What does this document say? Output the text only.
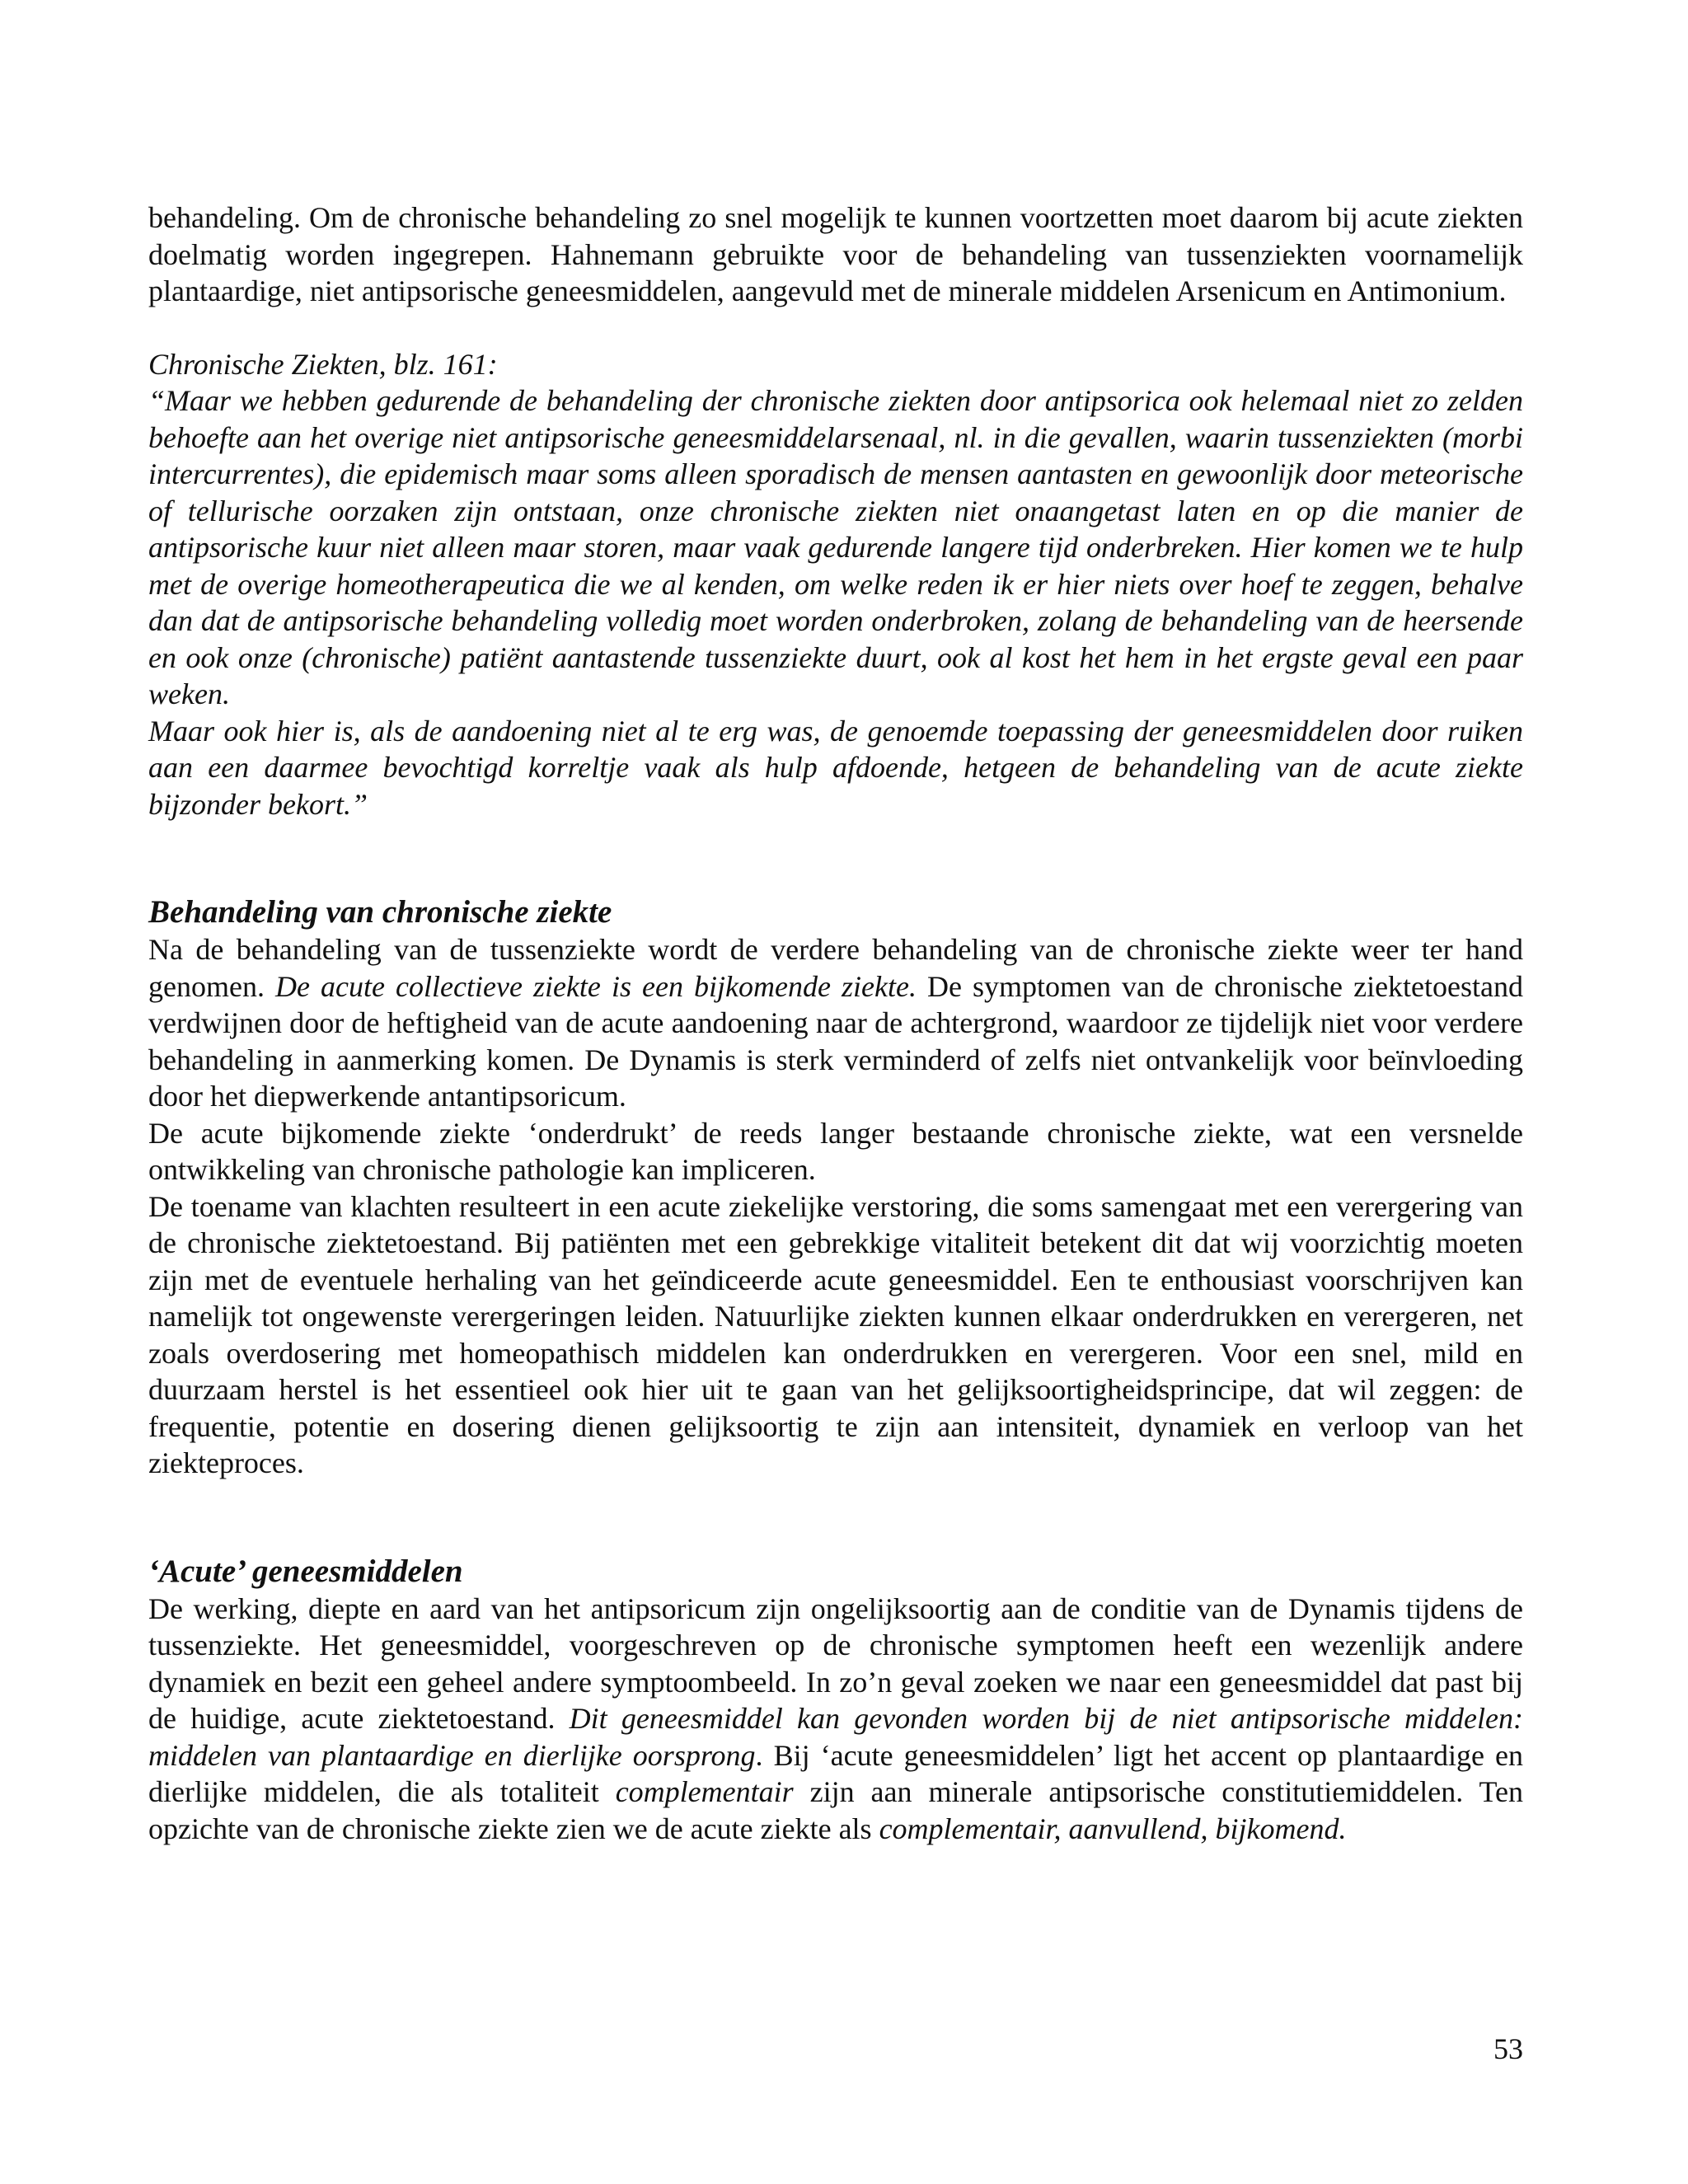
behandeling. Om de chronische behandeling zo snel mogelijk te kunnen voortzetten moet daarom bij acute ziekten doelmatig worden ingegrepen. Hahnemann gebruikte voor de behandeling van tussenziekten voornamelijk plantaardige, niet antipsorische geneesmiddelen, aangevuld met de minerale middelen Arsenicum en Antimonium.

Chronische Ziekten, blz. 161:

“Maar we hebben gedurende de behandeling der chronische ziekten door antipsorica ook helemaal niet zo zelden behoefte aan het overige niet antipsorische geneesmiddelarsenaal, nl. in die gevallen, waarin tussenziekten (morbi intercurrentes), die epidemisch maar soms alleen sporadisch de mensen aantasten en gewoonlijk door meteorische of tellurische oorzaken zijn ontstaan, onze chronische ziekten niet onaangetast laten en op die manier de antipsorische kuur niet alleen maar storen, maar vaak gedurende langere tijd onderbreken. Hier komen we te hulp met de overige homeotherapeutica die we al kenden, om welke reden ik er hier niets over hoef te zeggen, behalve dan dat de antipsorische behandeling volledig moet worden onderbroken, zolang de behandeling van de heersende en ook onze (chronische) patiënt aantastende tussenziekte duurt, ook al kost het hem in het ergste geval een paar weken.

Maar ook hier is, als de aandoening niet al te erg was, de genoemde toepassing der geneesmiddelen door ruiken aan een daarmee bevochtigd korreltje vaak als hulp afdoende, hetgeen de behandeling van de acute ziekte bijzonder bekort.”

Behandeling van chronische ziekte

Na de behandeling van de tussenziekte wordt de verdere behandeling van de chronische ziekte weer ter hand genomen. De acute collectieve ziekte is een bijkomende ziekte. De symptomen van de chronische ziektetoestand verdwijnen door de heftigheid van de acute aandoening naar de achtergrond, waardoor ze tijdelijk niet voor verdere behandeling in aanmerking komen. De Dynamis is sterk verminderd of zelfs niet ontvankelijk voor beïnvloeding door het diepwerkende antantipsoricum.

De acute bijkomende ziekte ‘onderdrukt’ de reeds langer bestaande chronische ziekte, wat een versnelde ontwikkeling van chronische pathologie kan impliceren.

De toename van klachten resulteert in een acute ziekelijke verstoring, die soms samengaat met een verergering van de chronische ziektetoestand. Bij patiënten met een gebrekkige vitaliteit betekent dit dat wij voorzichtig moeten zijn met de eventuele herhaling van het geïndiceerde acute geneesmiddel. Een te enthousiast voorschrijven kan namelijk tot ongewenste verergeringen leiden. Natuurlijke ziekten kunnen elkaar onderdrukken en verergeren, net zoals overdosering met homeopathisch middelen kan onderdrukken en verergeren. Voor een snel, mild en duurzaam herstel is het essentieel ook hier uit te gaan van het gelijksoortigheidsprincipe, dat wil zeggen: de frequentie, potentie en dosering dienen gelijksoortig te zijn aan intensiteit, dynamiek en verloop van het ziekteproces.

‘Acute’ geneesmiddelen

De werking, diepte en aard van het antipsoricum zijn ongelijksoortig aan de conditie van de Dynamis tijdens de tussenziekte. Het geneesmiddel, voorgeschreven op de chronische symptomen heeft een wezenlijk andere dynamiek en bezit een geheel andere symptoombeeld. In zo’n geval zoeken we naar een geneesmiddel dat past bij de huidige, acute ziektetoestand. Dit geneesmiddel kan gevonden worden bij de niet antipsorische middelen: middelen van plantaardige en dierlijke oorsprong. Bij ‘acute geneesmiddelen’ ligt het accent op plantaardige en dierlijke middelen, die als totaliteit complementair zijn aan minerale antipsorische constitutiemiddelen. Ten opzichte van de chronische ziekte zien we de acute ziekte als complementair, aanvullend, bijkomend.

53
